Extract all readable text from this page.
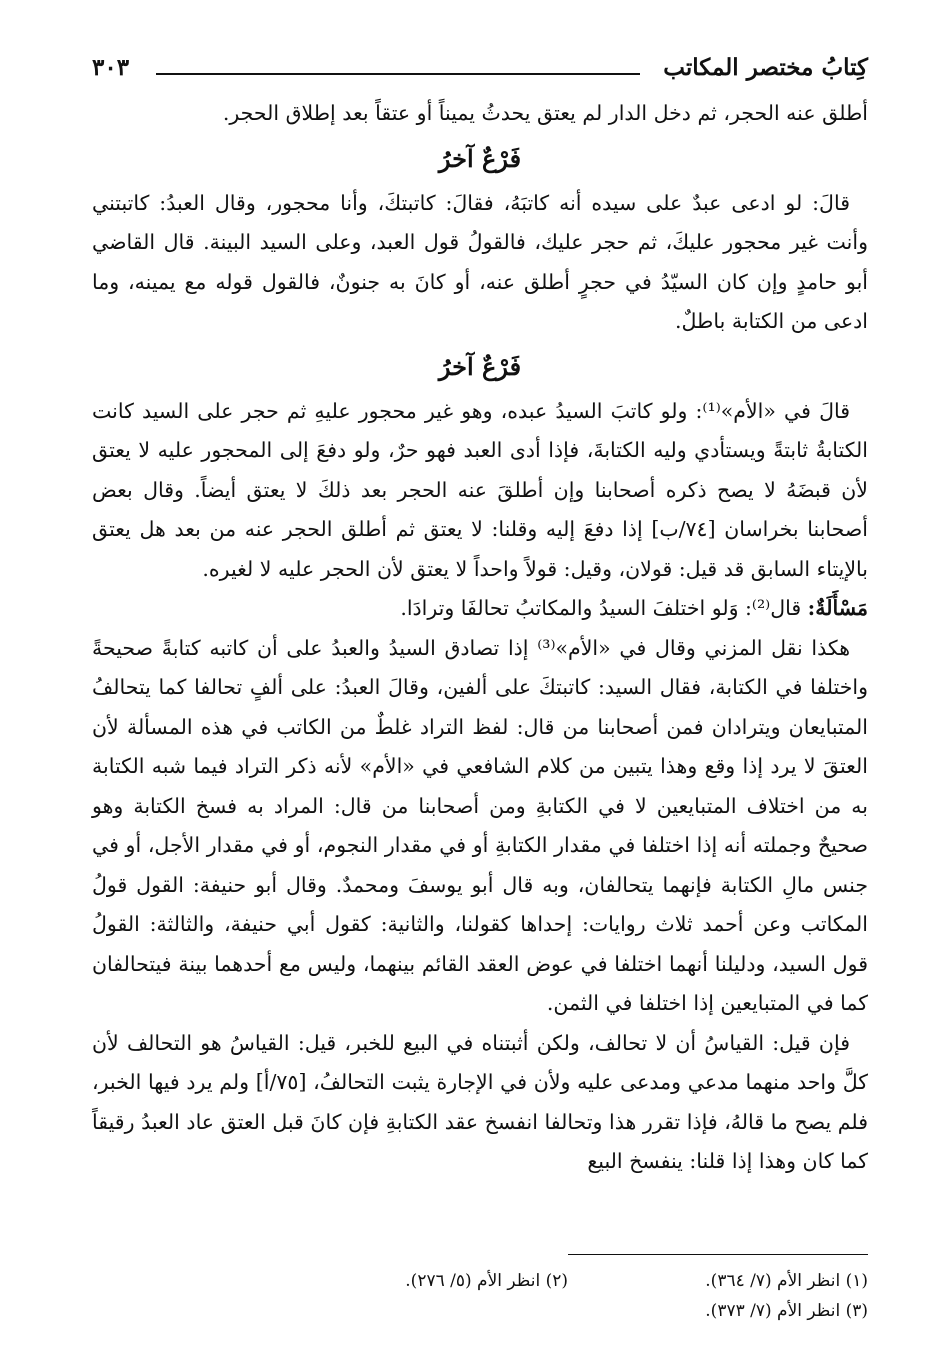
كِتابُ مختصر المكاتب
٣٠٣

أطلق عنه الحجر، ثم دخل الدار لم يعتق يحدثُ يميناً أو عتقاً بعد إطلاق الحجر.

فَرْعٌ آخرُ

قالَ: لو ادعى عبدٌ على سيده أنه كاتبَهُ، فقالَ: كاتبتكَ، وأنا محجور، وقال العبدُ: كاتبتني وأنت غير محجور عليكَ، ثم حجر عليك، فالقولُ قول العبد، وعلى السيد البينة. قال القاضي أبو حامدٍ وإن كان السيّدُ في حجرٍ أطلق عنه، أو كانَ به جنونٌ، فالقول قوله مع يمينه، وما ادعى من الكتابة باطلٌ.

فَرْعٌ آخرُ

قالَ في «الأم»⁽¹⁾: ولو كاتبَ السيدُ عبده، وهو غير محجور عليهِ ثم حجر على السيد كانت الكتابةُ ثابتةً ويستأدي وليه الكتابةَ، فإذا أدى العبد فهو حرٌ، ولو دفعَ إلى المحجور عليه لا يعتق لأن قبضَهُ لا يصح ذكره أصحابنا وإن أطلقَ عنه الحجر بعد ذلكَ لا يعتق أيضاً. وقال بعض أصحابنا بخراسان [٧٤/ب] إذا دفعَ إليه وقلنا: لا يعتق ثم أطلق الحجر عنه من بعد هل يعتق بالإيتاء السابق قد قيل: قولان، وقيل: قولاً واحداً لا يعتق لأن الحجر عليه لا لغيره.

مَسْأَلَةٌ: قال⁽²⁾: وَلو اختلفَ السيدُ والمكاتبُ تحالفَا وترادَا.

هكذا نقل المزني وقال في «الأم»⁽³⁾ إذا تصادق السيدُ والعبدُ على أن كاتبه كتابةً صحيحةً واختلفا في الكتابة، فقال السيد: كاتبتكَ على ألفين، وقالَ العبدُ: على ألفٍ تحالفا كما يتحالفُ المتبايعان ويترادان فمن أصحابنا من قال: لفظ التراد غلطٌ من الكاتب في هذه المسألة لأن العتقَ لا يرد إذا وقع وهذا يتبين من كلام الشافعي في «الأم» لأنه ذكر التراد فيما شبه الكتابة به من اختلاف المتبايعين لا في الكتابةِ ومن أصحابنا من قال: المراد به فسخ الكتابة وهو صحيحٌ وجملته أنه إذا اختلفا في مقدار الكتابةِ أو في مقدار النجوم، أو في مقدار الأجل، أو في جنس مالِ الكتابة فإنهما يتحالفان، وبه قال أبو يوسفَ ومحمدٌ. وقال أبو حنيفة: القول قولُ المكاتب وعن أحمد ثلاث روايات: إحداها كقولنا، والثانية: كقول أبي حنيفة، والثالثة: القولُ قول السيد، ودليلنا أنهما اختلفا في عوض العقد القائم بينهما، وليس مع أحدهما بينة فيتحالفان كما في المتبايعين إذا اختلفا في الثمن.

فإن قيل: القياسُ أن لا تحالف، ولكن أثبتناه في البيع للخبر، قيل: القياسُ هو التحالف لأن كلَّ واحد منهما مدعي ومدعى عليه ولأن في الإجارة يثبت التحالفُ، [٧٥/أ] ولم يرد فيها الخبر، فلم يصح ما قالهُ، فإذا تقرر هذا وتحالفا انفسخ عقد الكتابةِ فإن كانَ قبل العتق عاد العبدُ رقيقاً كما كان وهذا إذا قلنا: ينفسخ البيع

(١) انظر الأم (٧/ ٣٦٤).
(٢) انظر الأم (٥/ ٢٧٦).
(٣) انظر الأم (٧/ ٣٧٣).
